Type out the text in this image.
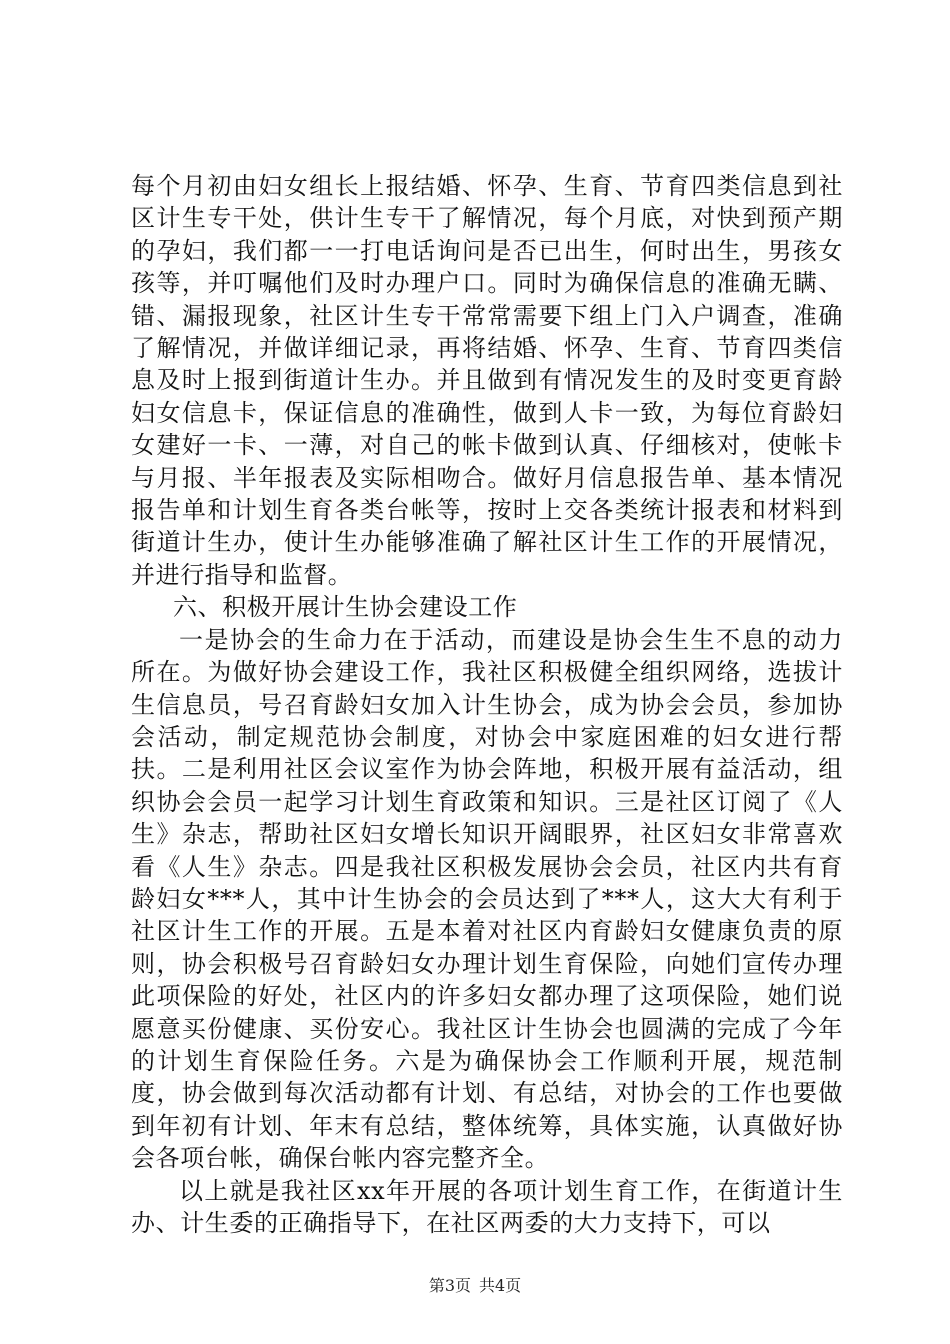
每个月初由妇女组长上报结婚、怀孕、生育、节育四类信息到社区计生专干处，供计生专干了解情况，每个月底，对快到预产期的孕妇，我们都一一打电话询问是否已出生，何时出生，男孩女孩等，并叮嘱他们及时办理户口。同时为确保信息的准确无瞒、错、漏报现象，社区计生专干常常需要下组上门入户调查，准确了解情况，并做详细记录，再将结婚、怀孕、生育、节育四类信息及时上报到街道计生办。并且做到有情况发生的及时变更育龄妇女信息卡，保证信息的准确性，做到人卡一致，为每位育龄妇女建好一卡、一薄，对自己的帐卡做到认真、仔细核对，使帐卡与月报、半年报表及实际相吻合。做好月信息报告单、基本情况报告单和计划生育各类台帐等，按时上交各类统计报表和材料到街道计生办，使计生办能够准确了解社区计生工作的开展情况，并进行指导和监督。

六、积极开展计生协会建设工作

一是协会的生命力在于活动，而建设是协会生生不息的动力所在。为做好协会建设工作，我社区积极健全组织网络，选拔计生信息员，号召育龄妇女加入计生协会，成为协会会员，参加协会活动，制定规范协会制度，对协会中家庭困难的妇女进行帮扶。二是利用社区会议室作为协会阵地，积极开展有益活动，组织协会会员一起学习计划生育政策和知识。三是社区订阅了《人生》杂志，帮助社区妇女增长知识开阔眼界，社区妇女非常喜欢看《人生》杂志。四是我社区积极发展协会会员，社区内共有育龄妇女***人，其中计生协会的会员达到了***人，这大大有利于社区计生工作的开展。五是本着对社区内育龄妇女健康负责的原则，协会积极号召育龄妇女办理计划生育保险，向她们宣传办理此项保险的好处，社区内的许多妇女都办理了这项保险，她们说愿意买份健康、买份安心。我社区计生协会也圆满的完成了今年的计划生育保险任务。六是为确保协会工作顺利开展，规范制度，协会做到每次活动都有计划、有总结，对协会的工作也要做到年初有计划、年末有总结，整体统筹，具体实施，认真做好协会各项台帐，确保台帐内容完整齐全。

以上就是我社区xx年开展的各项计划生育工作，在街道计生办、计生委的正确指导下，在社区两委的大力支持下，可以

第3页 共4页
